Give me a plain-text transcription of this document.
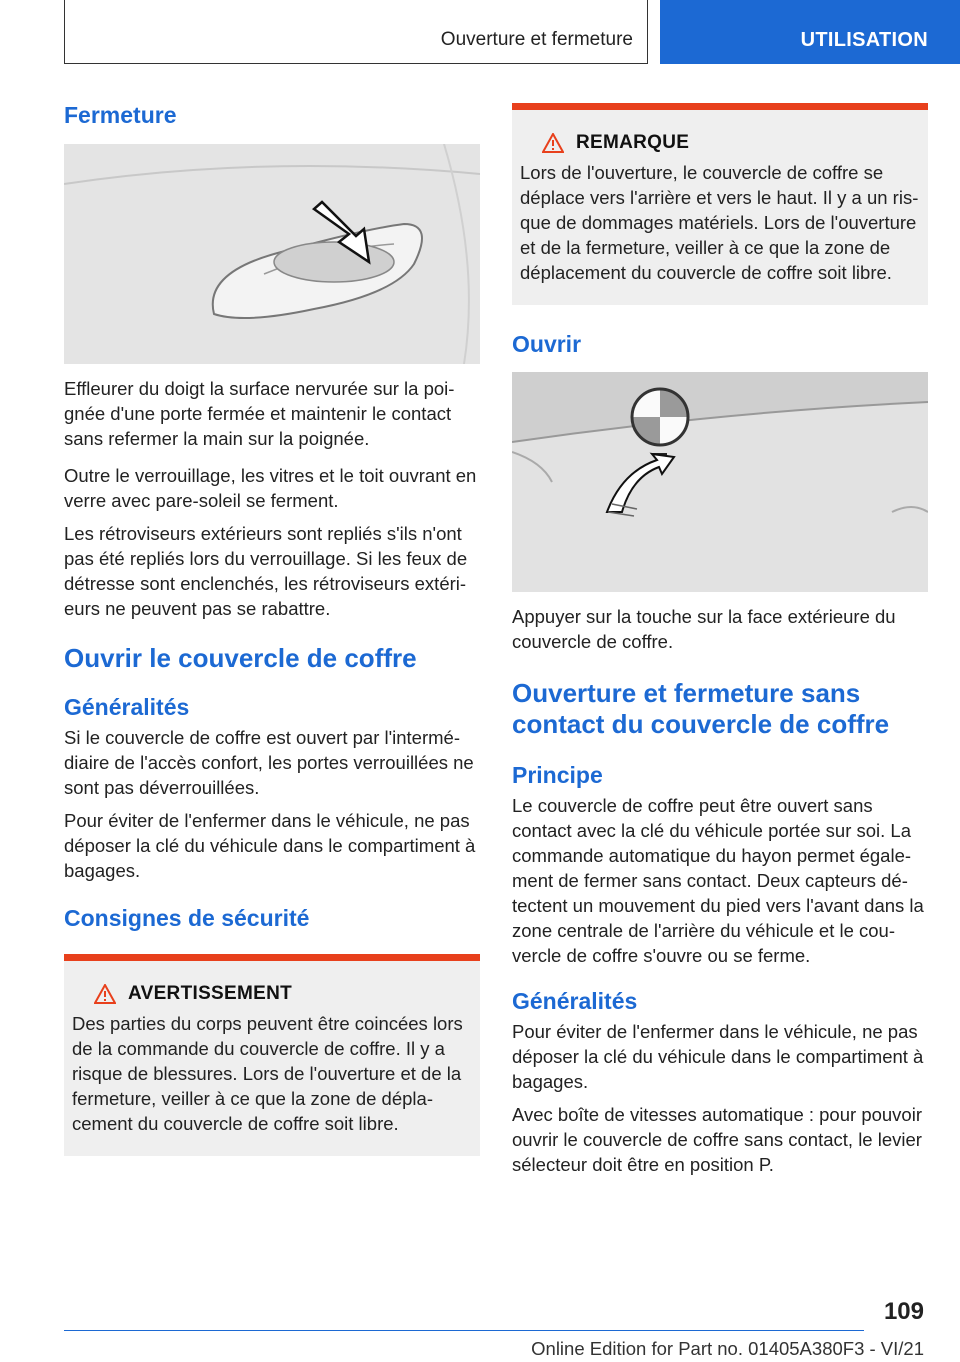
Ouverture et fermeture	UTILISATION
Fermeture

Effleurer du doigt la surface nervurée sur la poignée d'une porte fermée et maintenir le contact sans refermer la main sur la poignée.

Outre le verrouillage, les vitres et le toit ouvrant en verre avec pare-soleil se ferment.

Les rétroviseurs extérieurs sont repliés s'ils n'ont pas été repliés lors du verrouillage. Si les feux de détresse sont enclenchés, les rétroviseurs extérieurs ne peuvent pas se rabattre.

Ouvrir le couvercle de coffre
Généralités

Si le couvercle de coffre est ouvert par l'intermédiaire de l'accès confort, les portes verrouillées ne sont pas déverrouillées.

Pour éviter de l'enfermer dans le véhicule, ne pas déposer la clé du véhicule dans le compartiment à bagages.

Consignes de sécurité
AVERTISSEMENT

Des parties du corps peuvent être coincées lors de la commande du couvercle de coffre. Il y a risque de blessures. Lors de l'ouverture et de la fermeture, veiller à ce que la zone de déplacement du couvercle de coffre soit libre.

REMARQUE

Lors de l'ouverture, le couvercle de coffre se déplace vers l'arrière et vers le haut. Il y a un risque de dommages matériels. Lors de l'ouverture et de la fermeture, veiller à ce que la zone de déplacement du couvercle de coffre soit libre.

Ouvrir

Appuyer sur la touche sur la face extérieure du couvercle de coffre.

Ouverture et fermeture sans contact du couvercle de coffre
Principe

Le couvercle de coffre peut être ouvert sans contact avec la clé du véhicule portée sur soi. La commande automatique du hayon permet également de fermer sans contact. Deux capteurs détectent un mouvement du pied vers l'avant dans la zone centrale de l'arrière du véhicule et le couvercle de coffre s'ouvre ou se ferme.

Généralités

Pour éviter de l'enfermer dans le véhicule, ne pas déposer la clé du véhicule dans le compartiment à bagages.

Avec boîte de vitesses automatique : pour pouvoir ouvrir le couvercle de coffre sans contact, le levier sélecteur doit être en position P.

109
Online Edition for Part no. 01405A380F3 - VI/21
